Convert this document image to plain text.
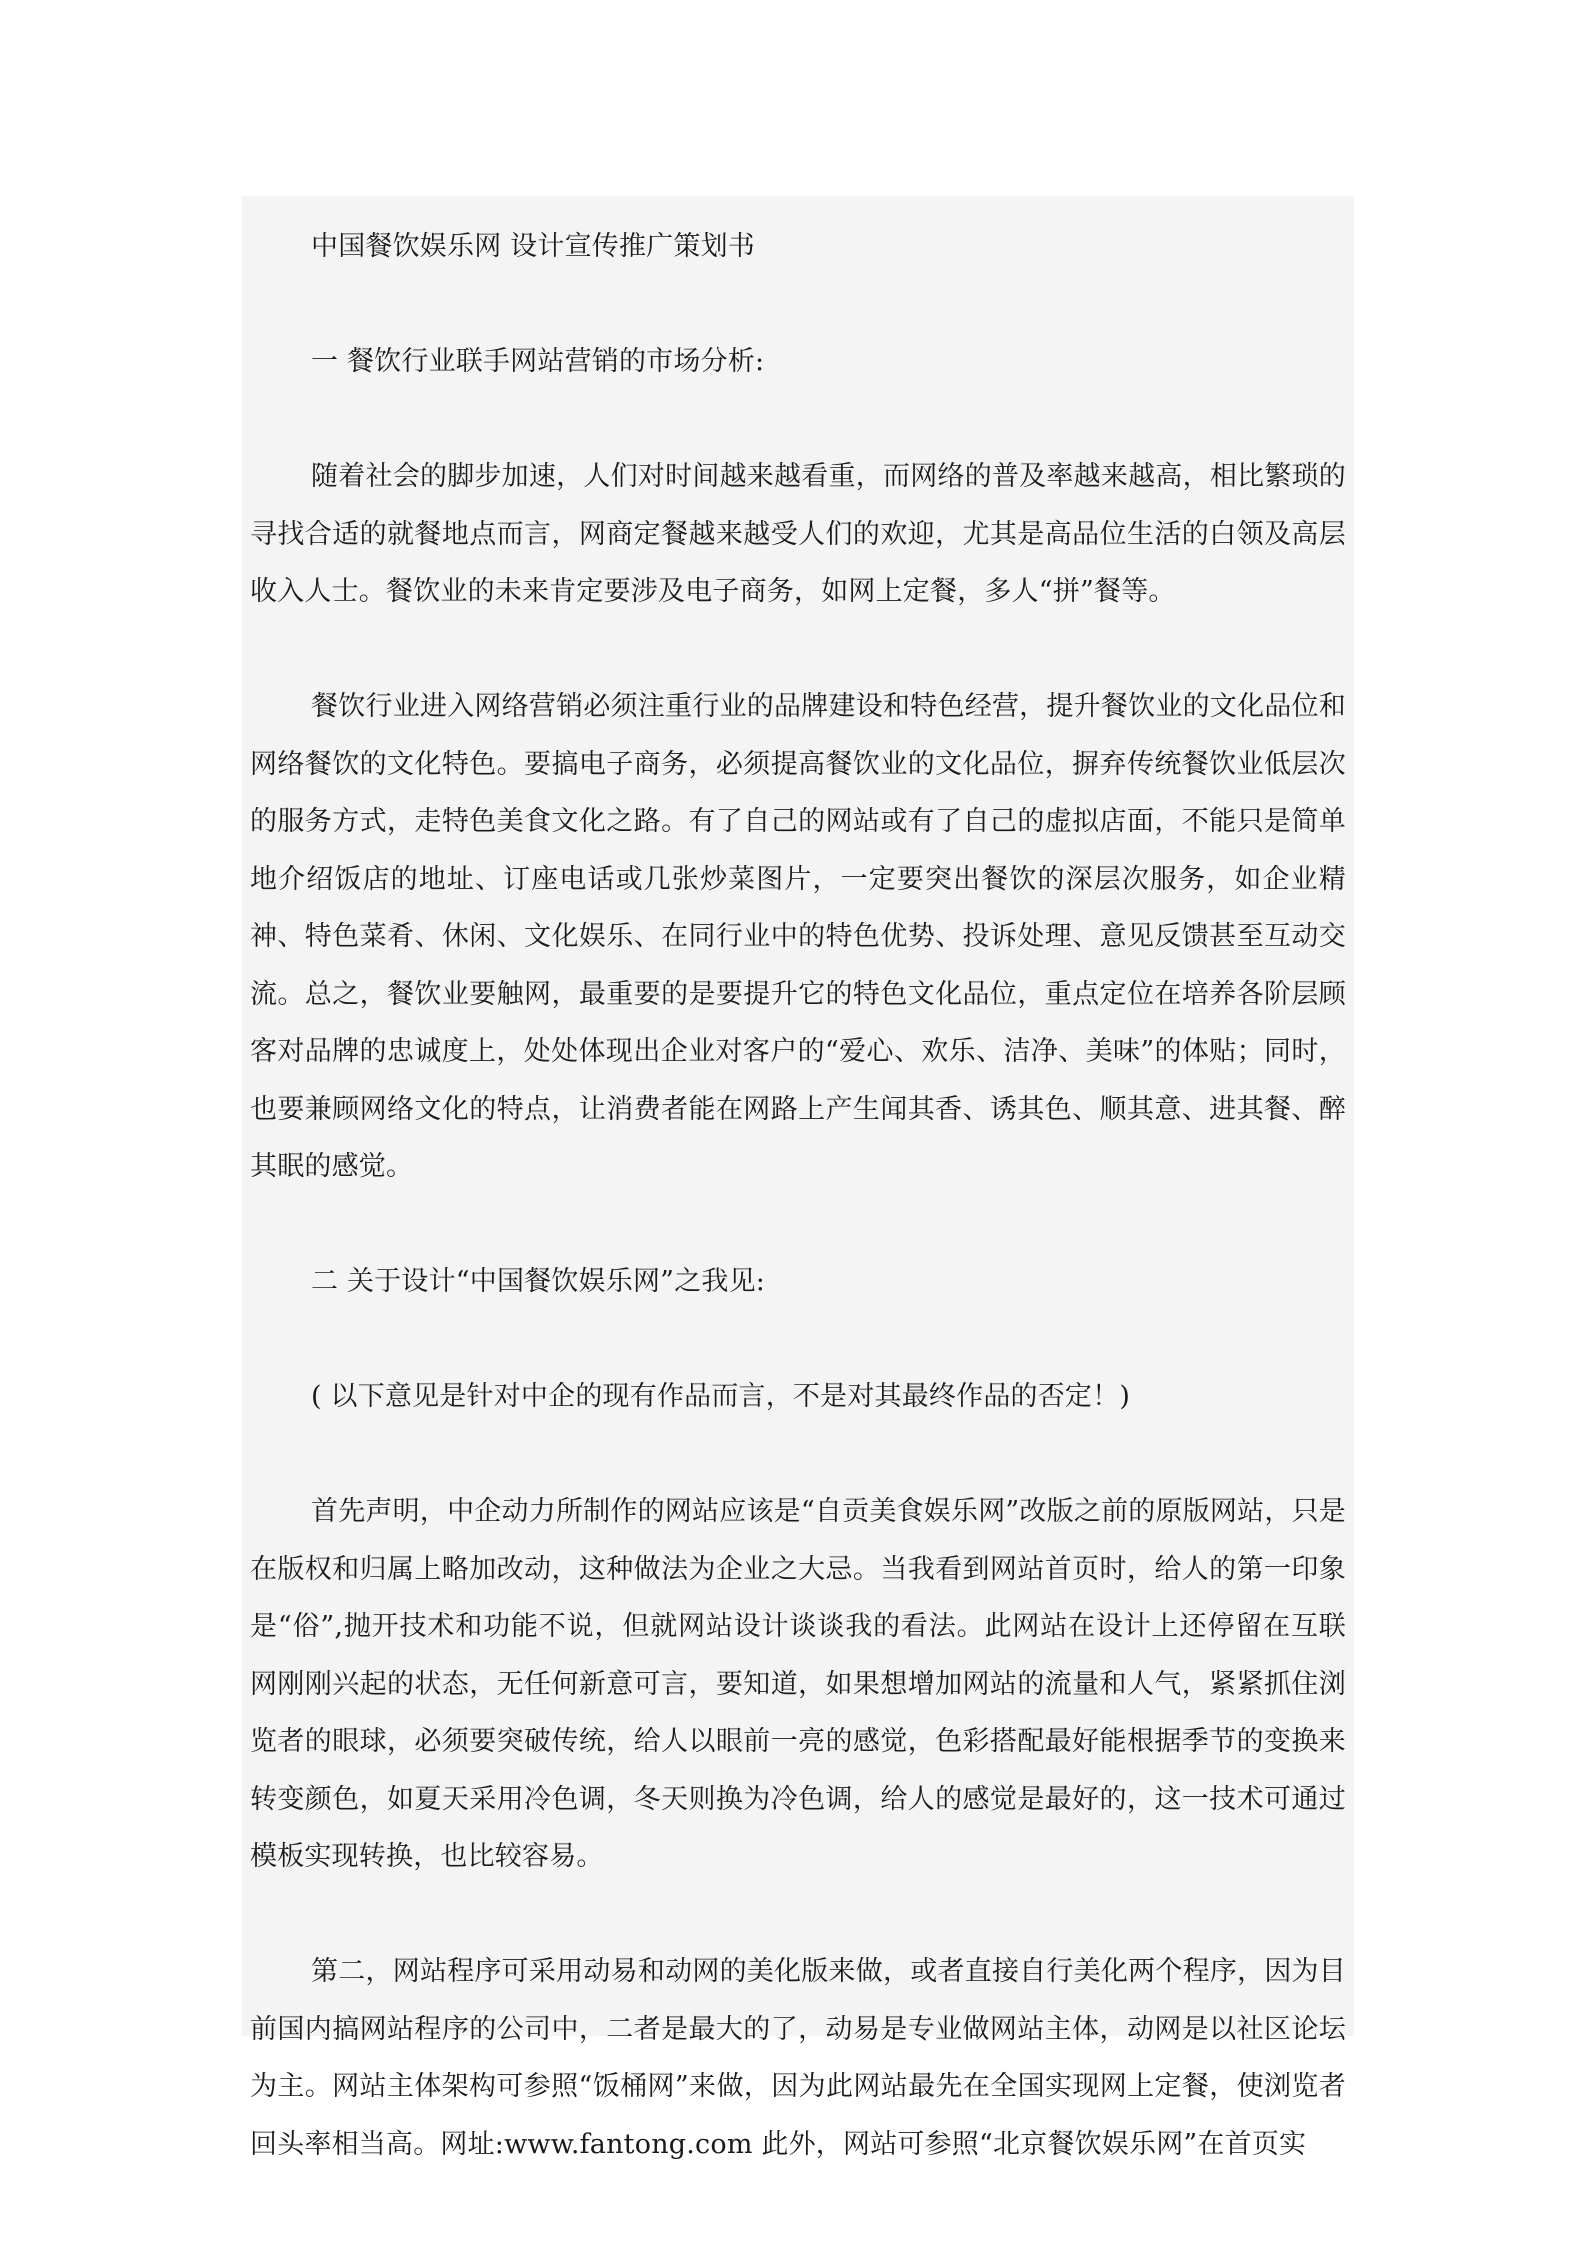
中国餐饮娱乐网 设计宣传推广策划书

一 餐饮行业联手网站营销的市场分析:

随着社会的脚步加速，人们对时间越来越看重，而网络的普及率越来越高，相比繁琐的寻找合适的就餐地点而言，网商定餐越来越受人们的欢迎，尤其是高品位生活的白领及高层收入人士。餐饮业的未来肯定要涉及电子商务，如网上定餐，多人“拼”餐等。

餐饮行业进入网络营销必须注重行业的品牌建设和特色经营，提升餐饮业的文化品位和网络餐饮的文化特色。要搞电子商务，必须提高餐饮业的文化品位，摒弃传统餐饮业低层次的服务方式，走特色美食文化之路。有了自己的网站或有了自己的虚拟店面，不能只是简单地介绍饭店的地址、订座电话或几张炒菜图片，一定要突出餐饮的深层次服务，如企业精神、特色菜肴、休闲、文化娱乐、在同行业中的特色优势、投诉处理、意见反馈甚至互动交流。总之，餐饮业要触网，最重要的是要提升它的特色文化品位，重点定位在培养各阶层顾客对品牌的忠诚度上，处处体现出企业对客户的“爱心、欢乐、洁净、美味”的体贴；同时，也要兼顾网络文化的特点，让消费者能在网路上产生闻其香、诱其色、顺其意、进其餐、醉其眠的感觉。

二 关于设计“中国餐饮娱乐网”之我见:

( 以下意见是针对中企的现有作品而言，不是对其最终作品的否定！)

首先声明，中企动力所制作的网站应该是“自贡美食娱乐网”改版之前的原版网站，只是在版权和归属上略加改动，这种做法为企业之大忌。当我看到网站首页时，给人的第一印象是“俗”,抛开技术和功能不说，但就网站设计谈谈我的看法。此网站在设计上还停留在互联网刚刚兴起的状态，无任何新意可言，要知道，如果想增加网站的流量和人气，紧紧抓住浏览者的眼球，必须要突破传统，给人以眼前一亮的感觉，色彩搭配最好能根据季节的变换来转变颜色，如夏天采用冷色调，冬天则换为冷色调，给人的感觉是最好的，这一技术可通过模板实现转换，也比较容易。

第二，网站程序可采用动易和动网的美化版来做，或者直接自行美化两个程序，因为目前国内搞网站程序的公司中，二者是最大的了，动易是专业做网站主体，动网是以社区论坛为主。网站主体架构可参照“饭桶网”来做，因为此网站最先在全国实现网上定餐，使浏览者回头率相当高。网址:www.fantong.com 此外，网站可参照“北京餐饮娱乐网”在首页实
